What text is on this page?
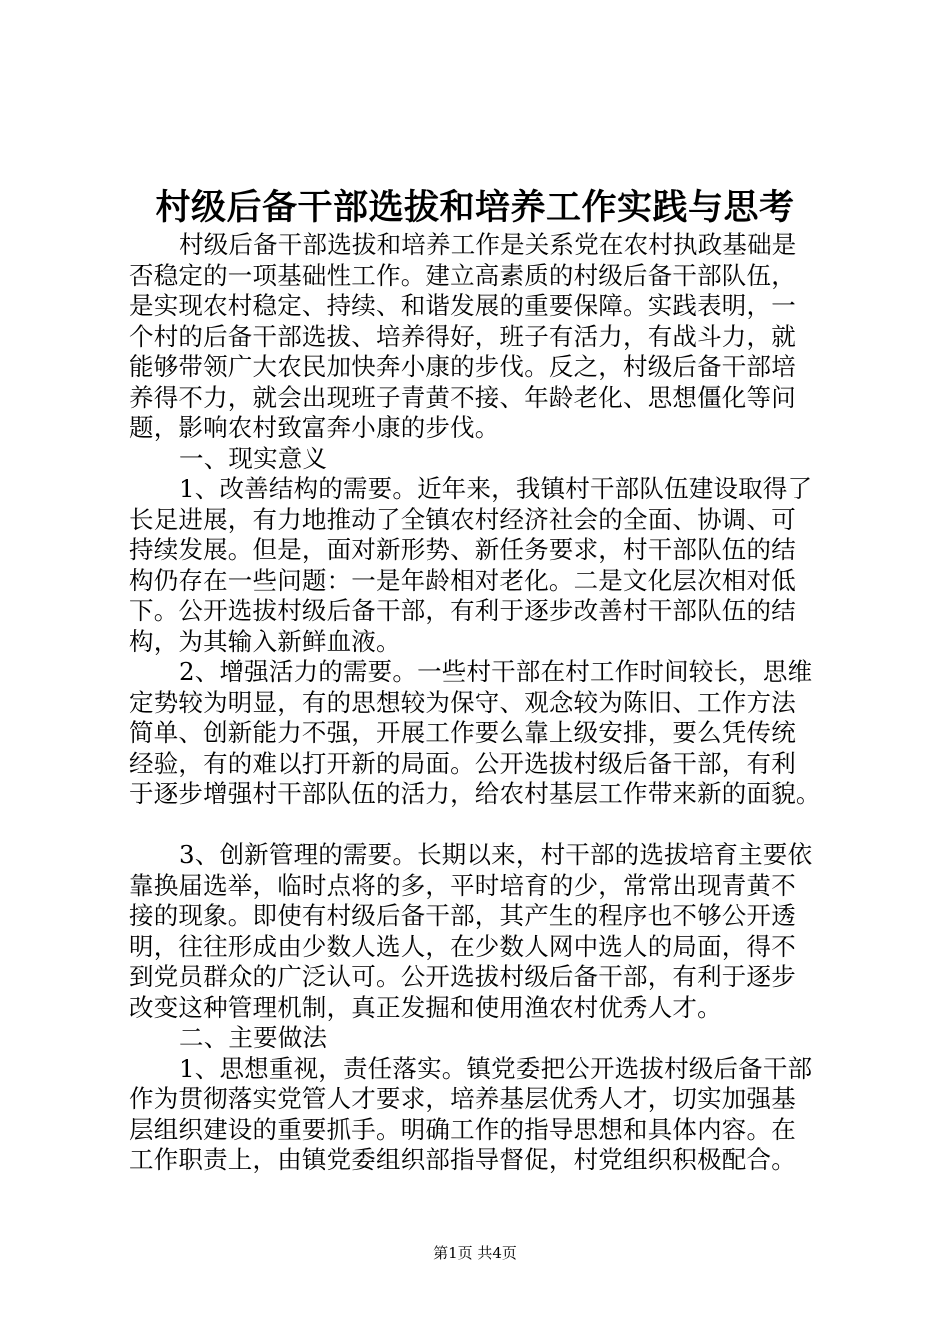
村级后备干部选拔和培养工作实践与思考
村级后备干部选拔和培养工作是关系党在农村执政基础是
否稳定的一项基础性工作。建立高素质的村级后备干部队伍，
是实现农村稳定、持续、和谐发展的重要保障。实践表明，一
个村的后备干部选拔、培养得好，班子有活力，有战斗力，就
能够带领广大农民加快奔小康的步伐。反之，村级后备干部培
养得不力，就会出现班子青黄不接、年龄老化、思想僵化等问
题，影响农村致富奔小康的步伐。
一、现实意义
1、改善结构的需要。近年来，我镇村干部队伍建设取得了
长足进展，有力地推动了全镇农村经济社会的全面、协调、可
持续发展。但是，面对新形势、新任务要求，村干部队伍的结
构仍存在一些问题：一是年龄相对老化。二是文化层次相对低
下。公开选拔村级后备干部，有利于逐步改善村干部队伍的结
构，为其输入新鲜血液。
2、增强活力的需要。一些村干部在村工作时间较长，思维
定势较为明显，有的思想较为保守、观念较为陈旧、工作方法
简单、创新能力不强，开展工作要么靠上级安排，要么凭传统
经验，有的难以打开新的局面。公开选拔村级后备干部，有利
于逐步增强村干部队伍的活力，给农村基层工作带来新的面貌。
3、创新管理的需要。长期以来，村干部的选拔培育主要依
靠换届选举，临时点将的多，平时培育的少，常常出现青黄不
接的现象。即使有村级后备干部，其产生的程序也不够公开透
明，往往形成由少数人选人，在少数人网中选人的局面，得不
到党员群众的广泛认可。公开选拔村级后备干部，有利于逐步
改变这种管理机制，真正发掘和使用渔农村优秀人才。
二、主要做法
1、思想重视，责任落实。镇党委把公开选拔村级后备干部
作为贯彻落实党管人才要求，培养基层优秀人才，切实加强基
层组织建设的重要抓手。明确工作的指导思想和具体内容。在
工作职责上，由镇党委组织部指导督促，村党组织积极配合。
第1页 共4页
